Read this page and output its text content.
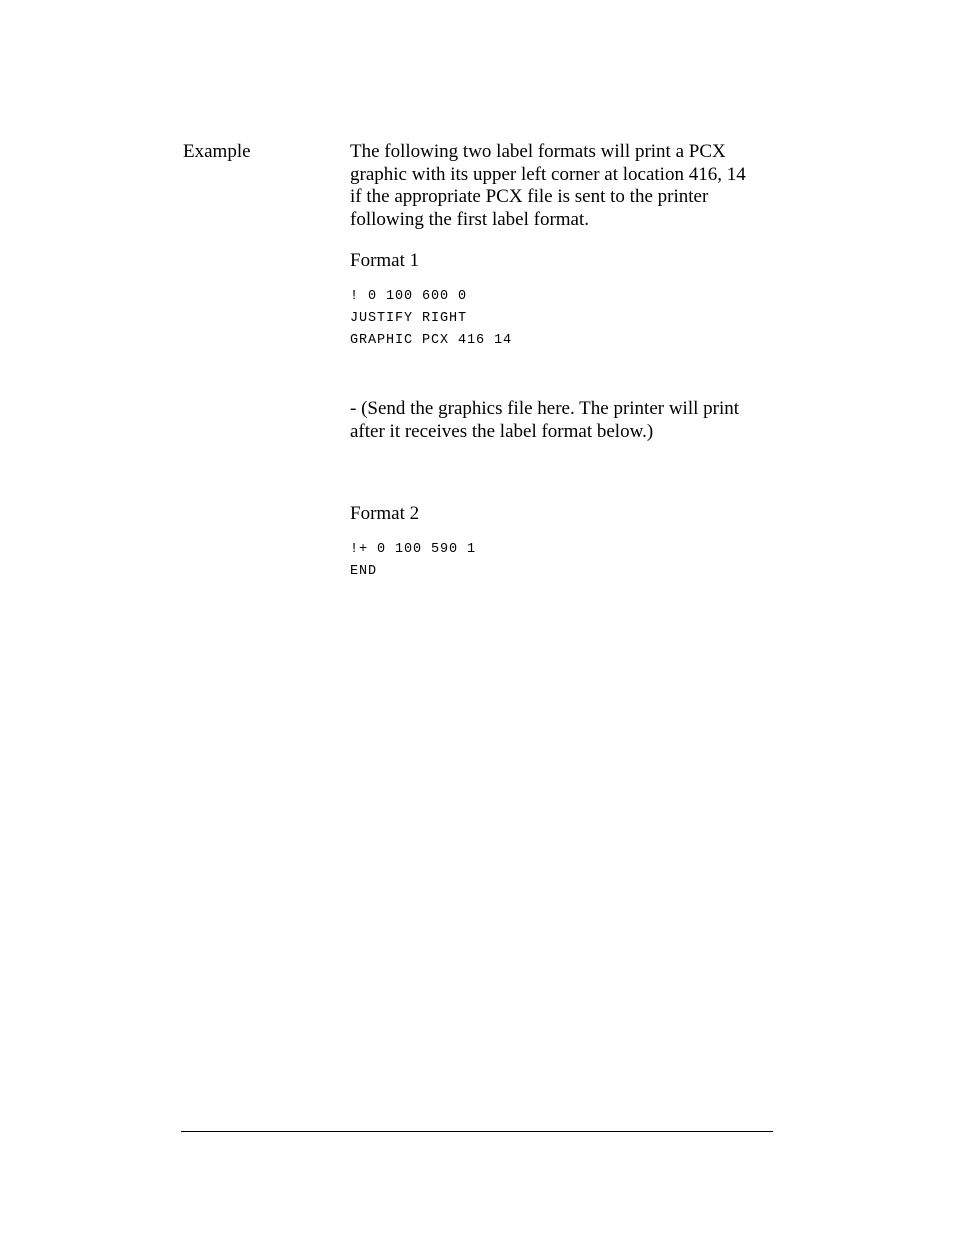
Example	The following two label formats will print a PCX
graphic with its upper left corner at location 416, 14
if the appropriate PCX file is sent to the printer
following the first label format.
Format 1
! 0 100 600 0
JUSTIFY RIGHT
GRAPHIC PCX 416 14
- (Send the graphics file here. The printer will print
after it receives the label format below.)
Format 2
!+ 0 100 590 1
END
